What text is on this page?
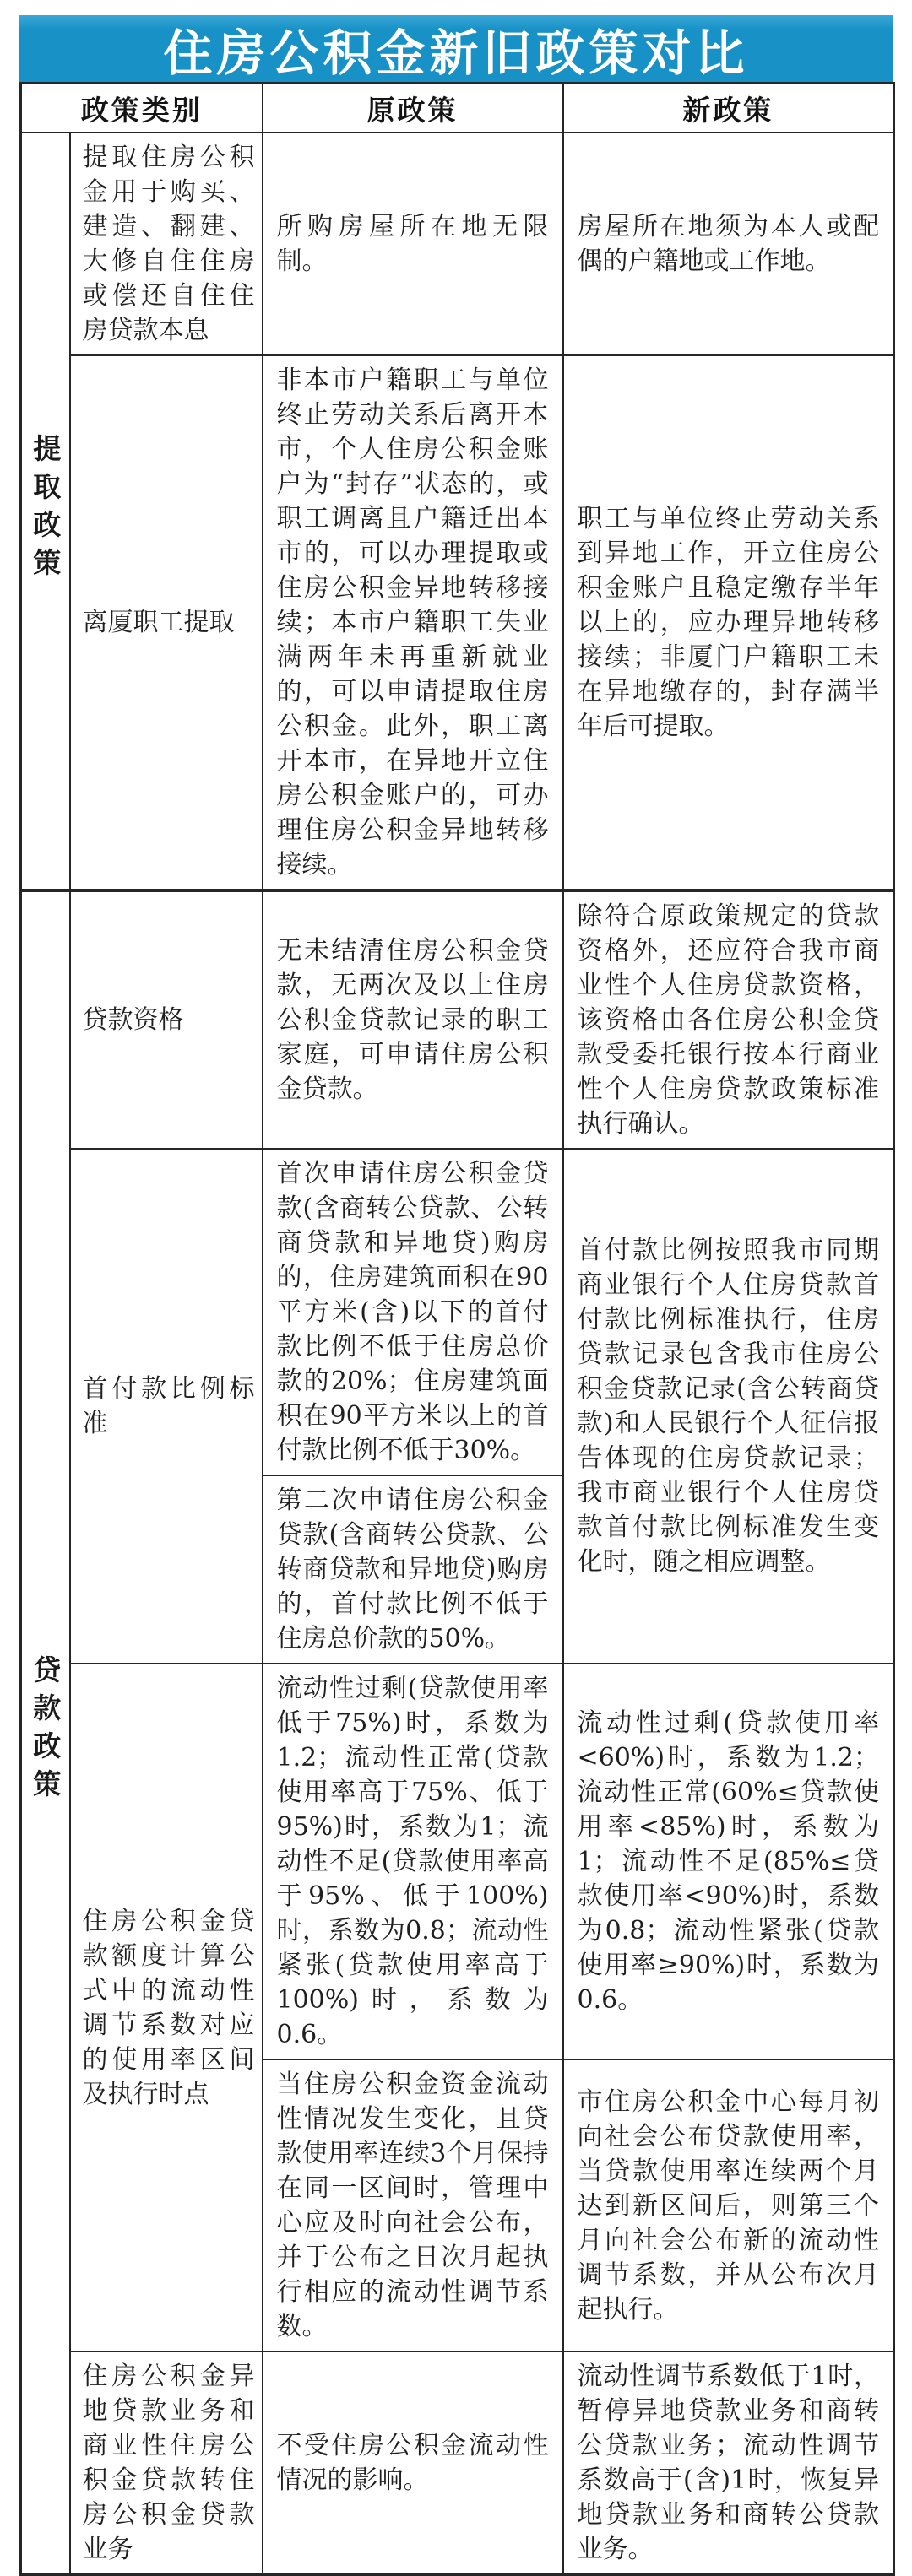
住房公积金新旧政策对比
政策类别		原政策	新政策
提取政策	提取住房公积金用于购买、建造、翻建、大修自住住房或偿还自住住房贷款本息	所购房屋所在地无限制。	房屋所在地须为本人或配偶的户籍地或工作地。
	离厦职工提取	非本市户籍职工与单位终止劳动关系后离开本市，个人住房公积金账户为“封存”状态的，或职工调离且户籍迁出本市的，可以办理提取或住房公积金异地转移接续；本市户籍职工失业满两年未再重新就业的，可以申请提取住房公积金。此外，职工离开本市，在异地开立住房公积金账户的，可办理住房公积金异地转移接续。	职工与单位终止劳动关系到异地工作，开立住房公积金账户且稳定缴存半年以上的，应办理异地转移接续；非厦门户籍职工未在异地缴存的，封存满半年后可提取。
贷款政策	贷款资格	无未结清住房公积金贷款，无两次及以上住房公积金贷款记录的职工家庭，可申请住房公积金贷款。	除符合原政策规定的贷款资格外，还应符合我市商业性个人住房贷款资格，该资格由各住房公积金贷款受委托银行按本行商业性个人住房贷款政策标准执行确认。
	首付款比例标准	首次申请住房公积金贷款(含商转公贷款、公转商贷款和异地贷)购房的，住房建筑面积在90平方米(含)以下的首付款比例不低于住房总价款的20%；住房建筑面积在90平方米以上的首付款比例不低于30%。	首付款比例按照我市同期商业银行个人住房贷款首付款比例标准执行，住房贷款记录包含我市住房公积金贷款记录(含公转商贷款)和人民银行个人征信报告体现的住房贷款记录；我市商业银行个人住房贷款首付款比例标准发生变化时，随之相应调整。
		第二次申请住房公积金贷款(含商转公贷款、公转商贷款和异地贷)购房的，首付款比例不低于住房总价款的50%。	
	住房公积金贷款额度计算公式中的流动性调节系数对应的使用率区间及执行时点	流动性过剩(贷款使用率低于75%)时，系数为1.2；流动性正常(贷款使用率高于75%、低于95%)时，系数为1；流动性不足(贷款使用率高于95%、低于100%)时，系数为0.8；流动性紧张(贷款使用率高于100%)时，系数为0.6。	流动性过剩(贷款使用率<60%)时，系数为1.2；流动性正常(60%≤贷款使用率<85%)时，系数为1；流动性不足(85%≤贷款使用率<90%)时，系数为0.8；流动性紧张(贷款使用率≥90%)时，系数为0.6。
		当住房公积金资金流动性情况发生变化，且贷款使用率连续3个月保持在同一区间时，管理中心应及时向社会公布，并于公布之日次月起执行相应的流动性调节系数。	市住房公积金中心每月初向社会公布贷款使用率，当贷款使用率连续两个月达到新区间后，则第三个月向社会公布新的流动性调节系数，并从公布次月起执行。
	住房公积金异地贷款业务和商业性住房公积金贷款转住房公积金贷款业务	不受住房公积金流动性情况的影响。	流动性调节系数低于1时，暂停异地贷款业务和商转公贷款业务；流动性调节系数高于(含)1时，恢复异地贷款业务和商转公贷款业务。
